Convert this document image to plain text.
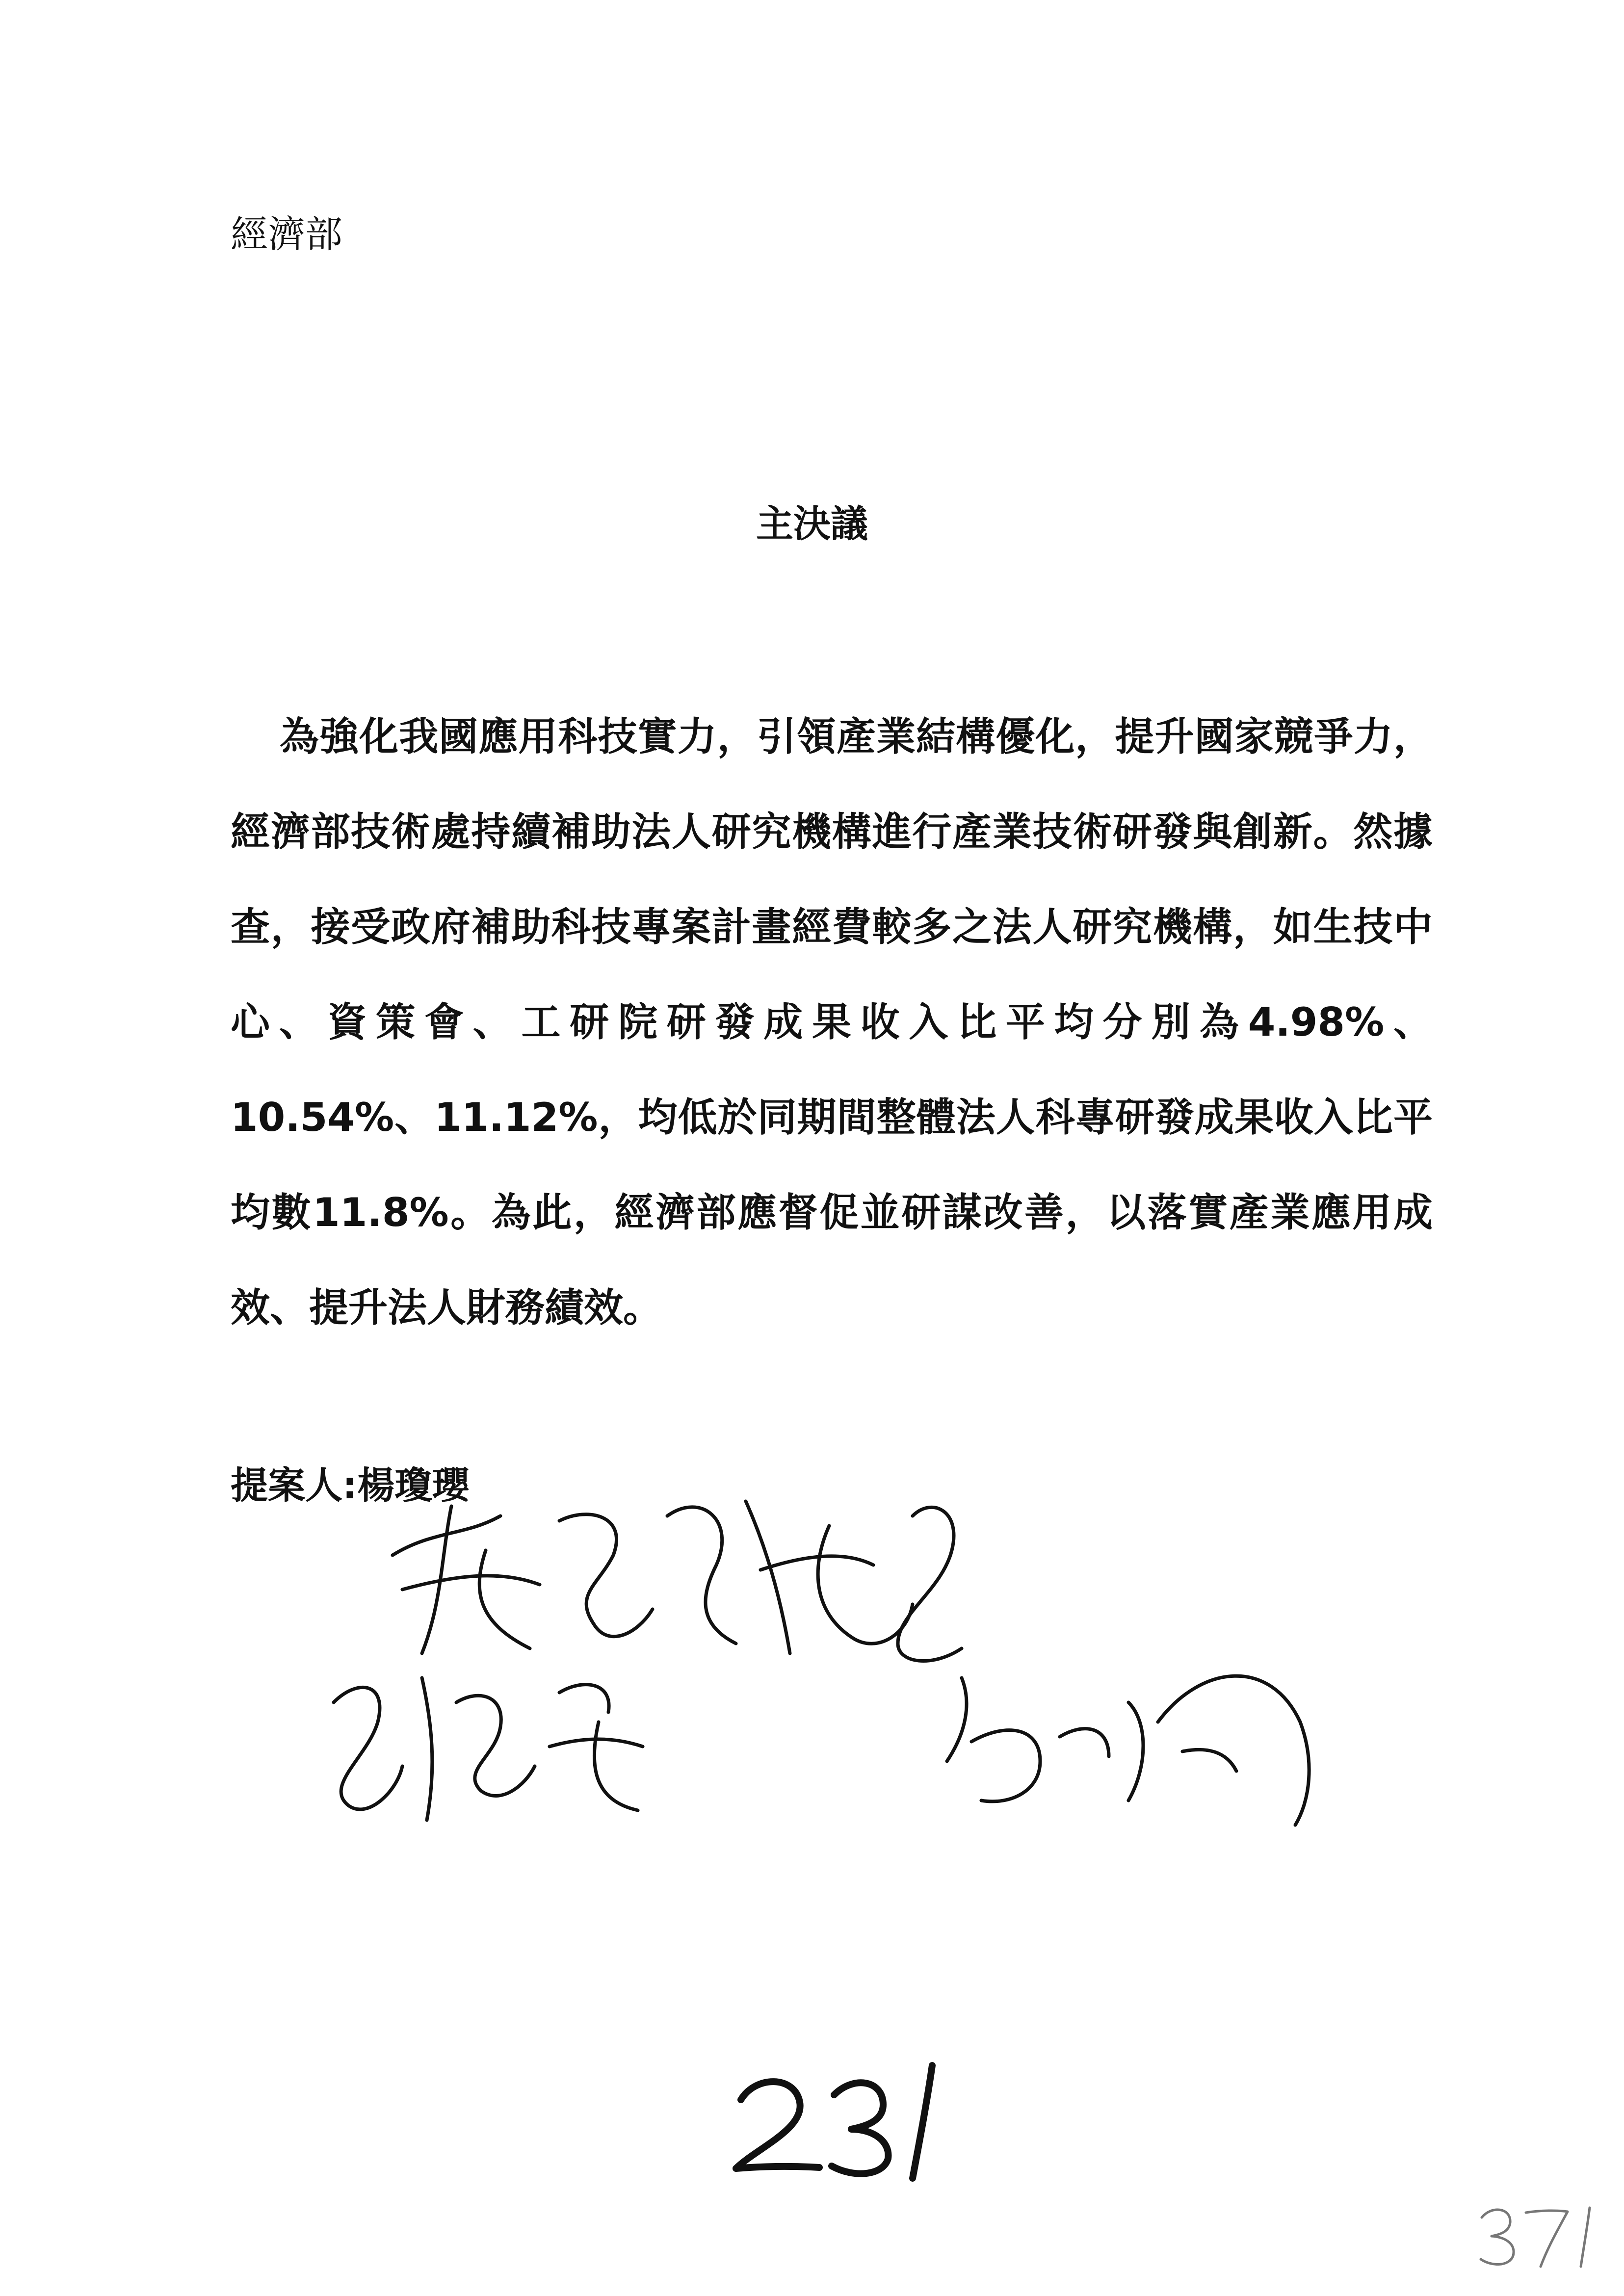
經濟部
主決議
為強化我國應用科技實力，引領產業結構優化，提升國家競爭力，經濟部技術處持續補助法人研究機構進行產業技術研發與創新。然據查，接受政府補助科技專案計畫經費較多之法人研究機構，如生技中心、資策會、工研院研發成果收入比平均分別為4.98%、10.54%、11.12%，均低於同期間整體法人科專研發成果收入比平均數11.8%。為此，經濟部應督促並研謀改善，以落實產業應用成效、提升法人財務績效。
提案人:楊瓊瓔
